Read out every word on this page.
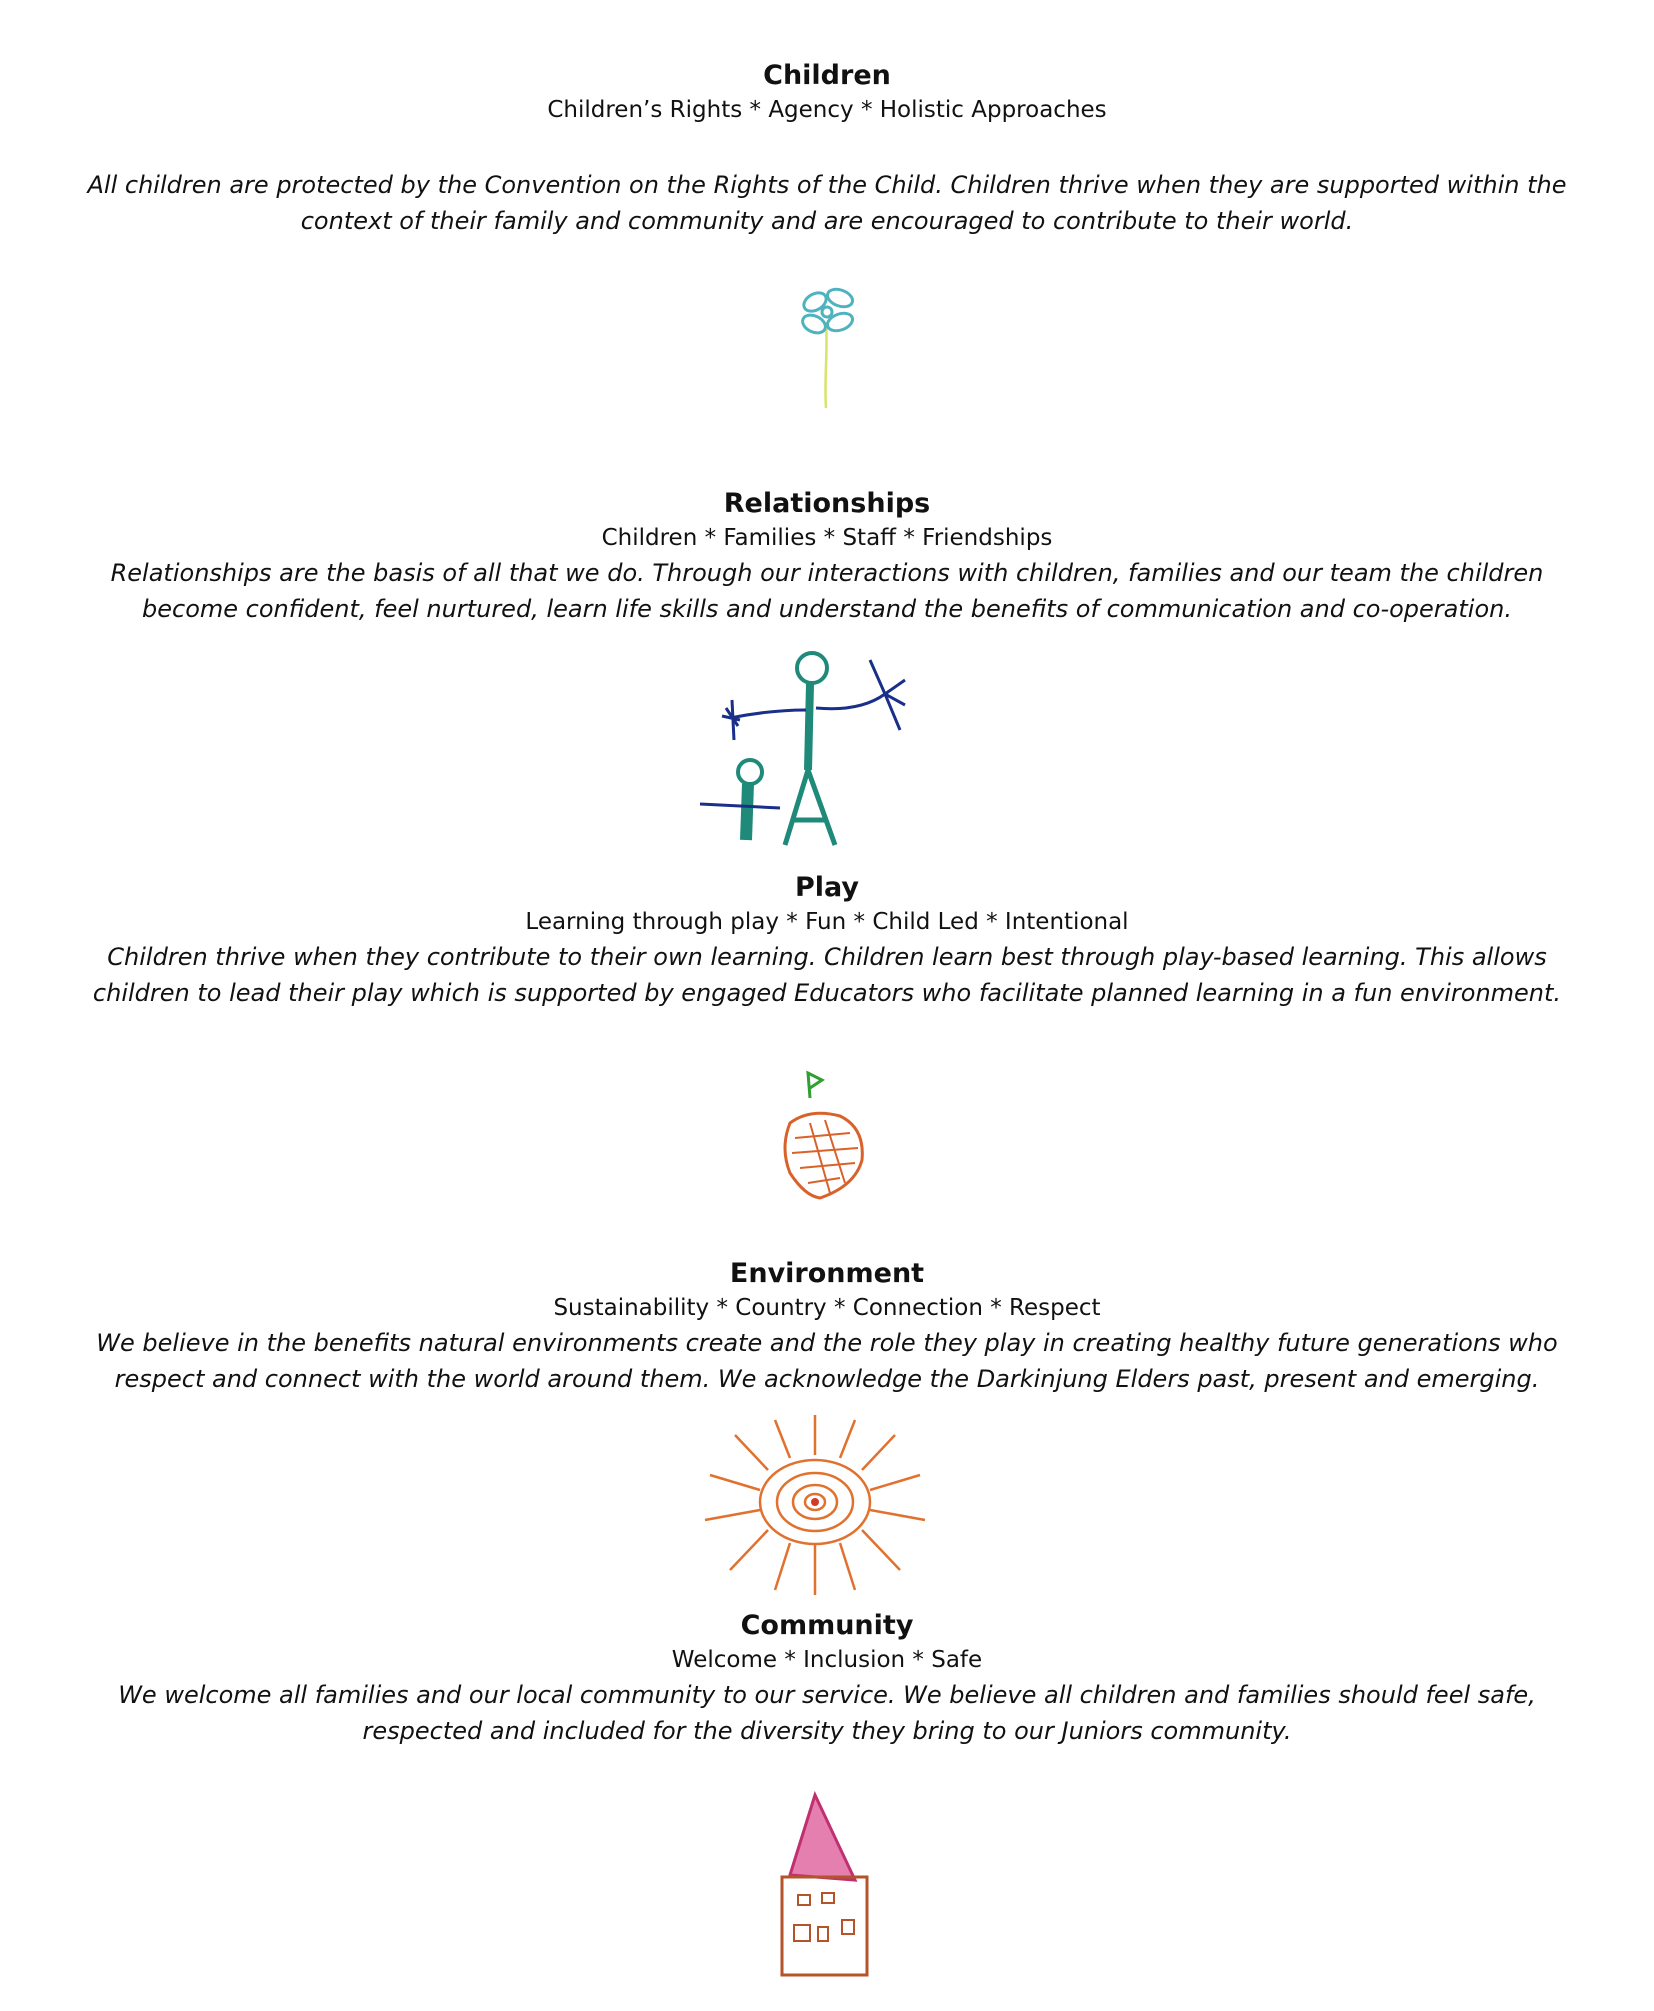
Children

Children’s Rights * Agency * Holistic Approaches

All children are protected by the Convention on the Rights of the Child. Children thrive when they are supported within the context of their family and community and are encouraged to contribute to their world.

Relationships

Children * Families * Staff * Friendships

Relationships are the basis of all that we do. Through our interactions with children, families and our team the children become confident, feel nurtured, learn life skills and understand the benefits of communication and co-operation.

Play

Learning through play * Fun * Child Led * Intentional

Children thrive when they contribute to their own learning. Children learn best through play-based learning. This allows children to lead their play which is supported by engaged Educators who facilitate planned learning in a fun environment.

Environment

Sustainability * Country * Connection * Respect

We believe in the benefits natural environments create and the role they play in creating healthy future generations who respect and connect with the world around them. We acknowledge the Darkinjung Elders past, present and emerging.

Community

Welcome * Inclusion * Safe

We welcome all families and our local community to our service. We believe all children and families should feel safe, respected and included for the diversity they bring to our Juniors community.
